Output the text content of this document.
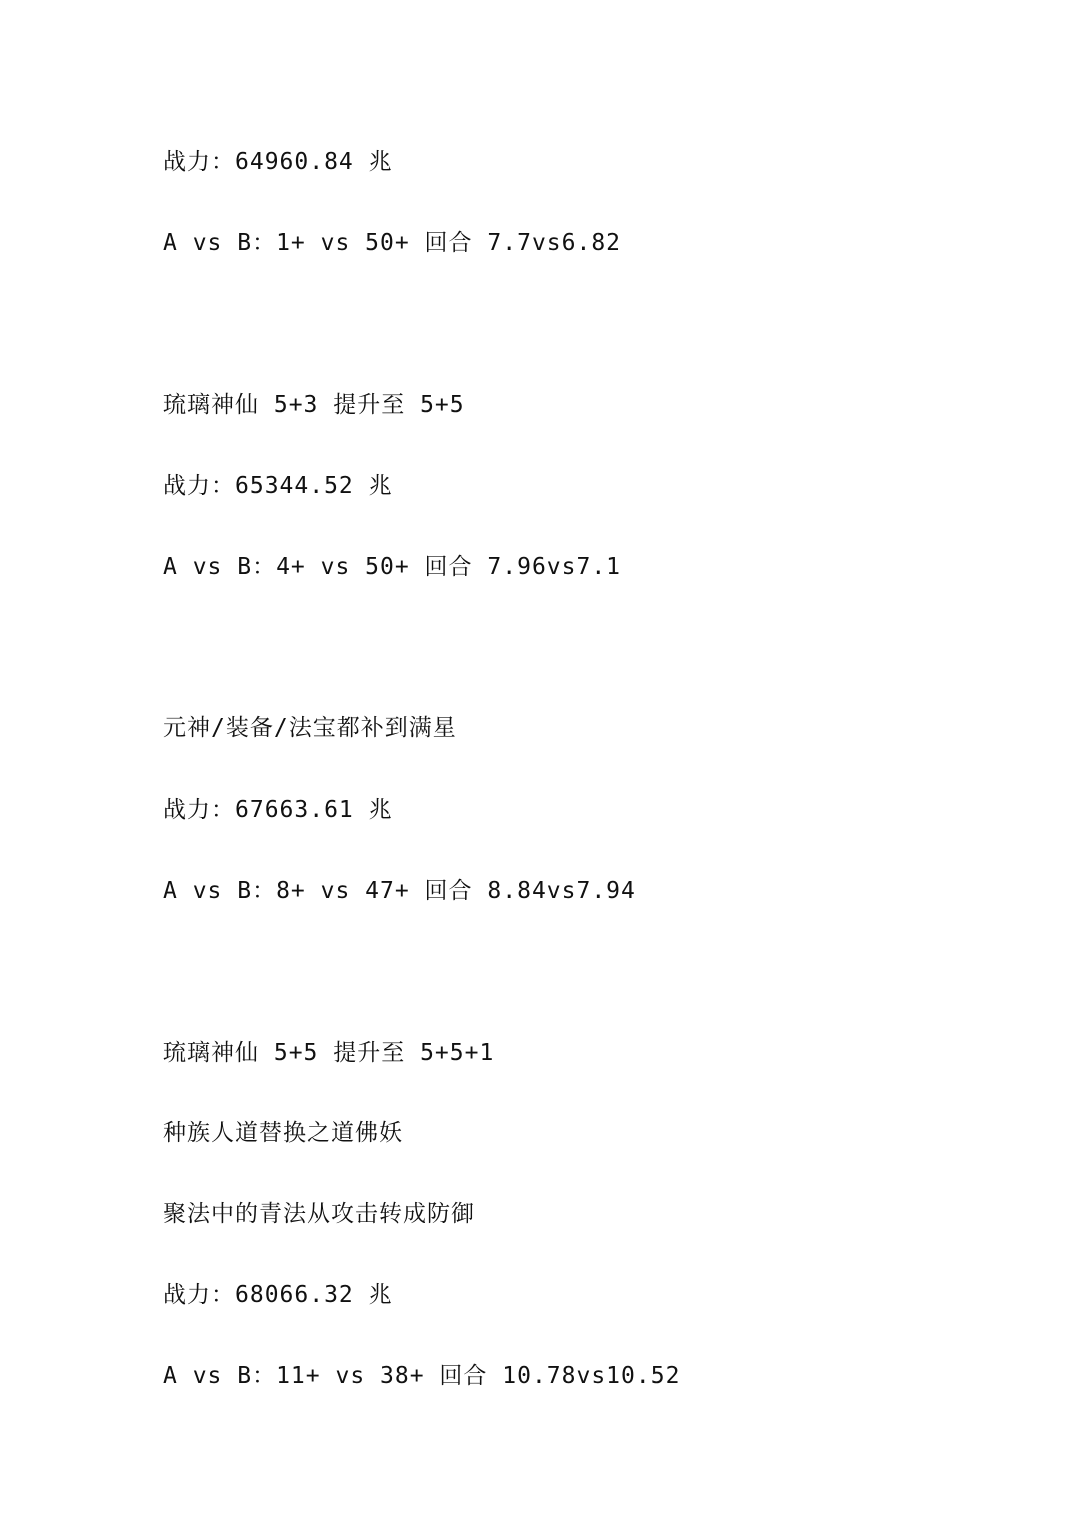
战力：64960.84 兆
A vs B：1+ vs 50+ 回合 7.7vs6.82
琉璃神仙 5+3 提升至 5+5
战力：65344.52 兆
A vs B：4+ vs 50+ 回合 7.96vs7.1
元神/装备/法宝都补到满星
战力：67663.61 兆
A vs B：8+ vs 47+ 回合 8.84vs7.94
琉璃神仙 5+5 提升至 5+5+1
种族人道替换之道佛妖
聚法中的青法从攻击转成防御
战力：68066.32 兆
A vs B：11+ vs 38+ 回合 10.78vs10.52
